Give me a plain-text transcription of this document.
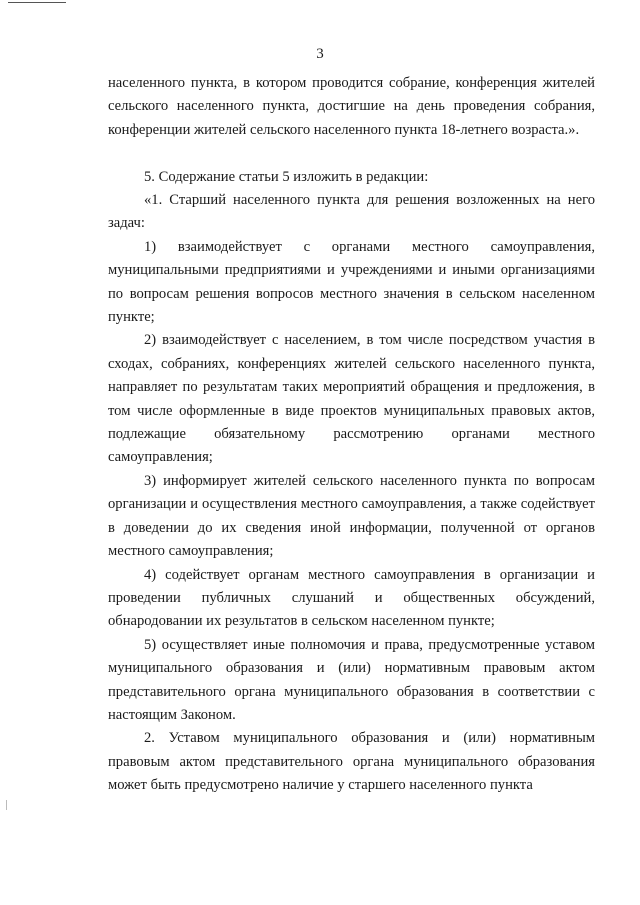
3

населенного пункта, в котором проводится собрание, конференция жителей сельского населенного пункта, достигшие на день проведения собрания, конференции жителей сельского населенного пункта 18-летнего возраста.».

5. Содержание статьи 5 изложить в редакции:

«1. Старший населенного пункта для решения возложенных на него задач:

1) взаимодействует с органами местного самоуправления, муниципальными предприятиями и учреждениями и иными организациями по вопросам решения вопросов местного значения в сельском населенном пункте;

2) взаимодействует с населением, в том числе посредством участия в сходах, собраниях, конференциях жителей сельского населенного пункта, направляет по результатам таких мероприятий обращения и предложения, в том числе оформленные в виде проектов муниципальных правовых актов, подлежащие обязательному рассмотрению органами местного самоуправления;

3) информирует жителей сельского населенного пункта по вопросам организации и осуществления местного самоуправления, а также содействует в доведении до их сведения иной информации, полученной от органов местного самоуправления;

4) содействует органам местного самоуправления в организации и проведении публичных слушаний и общественных обсуждений, обнародовании их результатов в сельском населенном пункте;

5) осуществляет иные полномочия и права, предусмотренные уставом муниципального образования и (или) нормативным правовым актом представительного органа муниципального образования в соответствии с настоящим Законом.

2. Уставом муниципального образования и (или) нормативным правовым актом представительного органа муниципального образования может быть предусмотрено наличие у старшего населенного пункта
